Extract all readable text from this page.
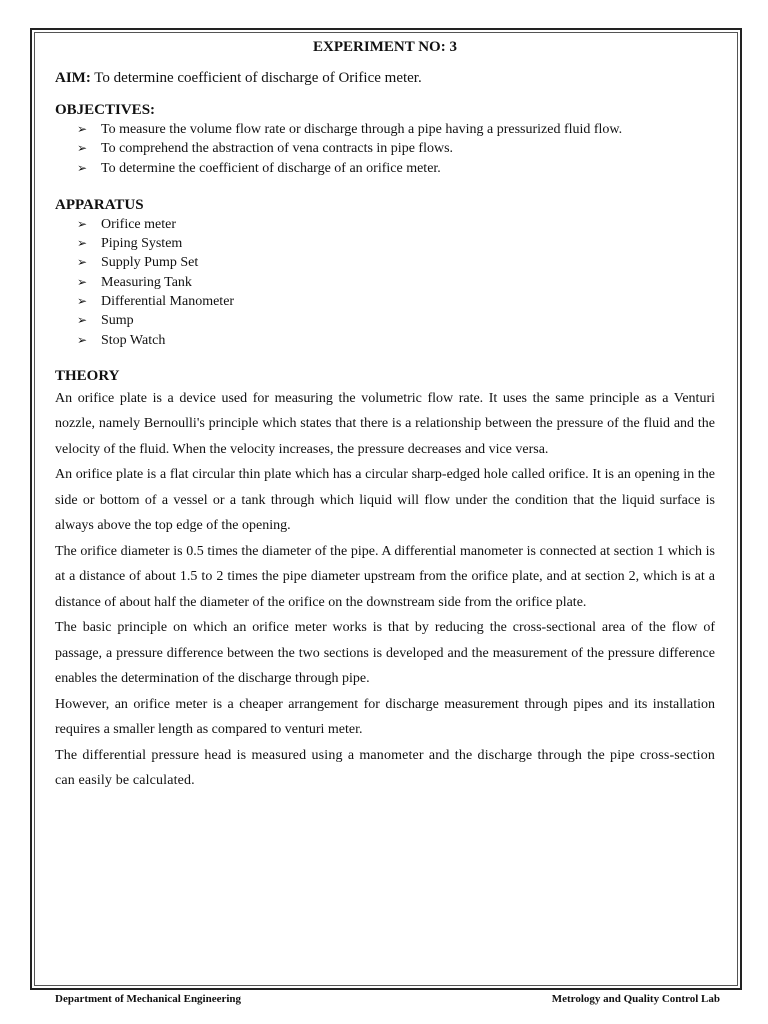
EXPERIMENT NO: 3

AIM: To determine coefficient of discharge of Orifice meter.

OBJECTIVES:
➢ To measure the volume flow rate or discharge through a pipe having a pressurized fluid flow.
➢ To comprehend the abstraction of vena contracts in pipe flows.
➢ To determine the coefficient of discharge of an orifice meter.
APPARATUS
➢ Orifice meter
➢ Piping System
➢ Supply Pump Set
➢ Measuring Tank
➢ Differential Manometer
➢ Sump
➢ Stop Watch
THEORY

An orifice plate is a device used for measuring the volumetric flow rate. It uses the same principle as a Venturi nozzle, namely Bernoulli's principle which states that there is a relationship between the pressure of the fluid and the velocity of the fluid. When the velocity increases, the pressure decreases and vice versa.

An orifice plate is a flat circular thin plate which has a circular sharp-edged hole called orifice. It is an opening in the side or bottom of a vessel or a tank through which liquid will flow under the condition that the liquid surface is always above the top edge of the opening.

The orifice diameter is 0.5 times the diameter of the pipe. A differential manometer is connected at section 1 which is at a distance of about 1.5 to 2 times the pipe diameter upstream from the orifice plate, and at section 2, which is at a distance of about half the diameter of the orifice on the downstream side from the orifice plate.

The basic principle on which an orifice meter works is that by reducing the cross-sectional area of the flow of passage, a pressure difference between the two sections is developed and the measurement of the pressure difference enables the determination of the discharge through pipe.

However, an orifice meter is a cheaper arrangement for discharge measurement through pipes and its installation requires a smaller length as compared to venturi meter.

The differential pressure head is measured using a manometer and the discharge through the pipe cross-section can easily be calculated.

Department of Mechanical Engineering	Metrology and Quality Control Lab
